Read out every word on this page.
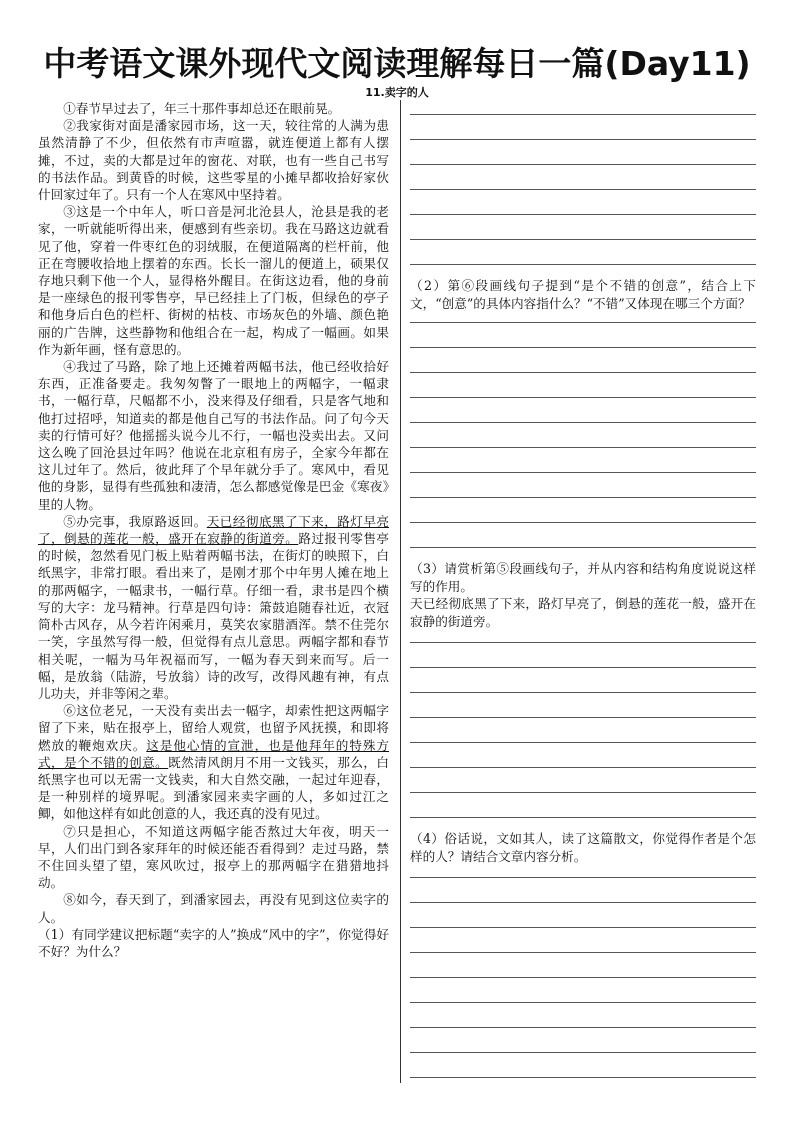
中考语文课外现代文阅读理解每日一篇(Day11)
11.卖字的人

①春节早过去了，年三十那件事却总还在眼前晃。

②我家街对面是潘家园市场，这一天，较往常的人满为患虽然清静了不少，但依然有市声喧嚣，就连便道上都有人摆摊，不过，卖的大都是过年的窗花、对联，也有一些自己书写的书法作品。到黄昏的时候，这些零星的小摊早都收拾好家伙什回家过年了。只有一个人在寒风中坚持着。

③这是一个中年人，听口音是河北沧县人，沧县是我的老家，一听就能听得出来，便感到有些亲切。我在马路这边就看见了他，穿着一件枣红色的羽绒服，在便道隔离的栏杆前，他正在弯腰收拾地上摆着的东西。长长一溜儿的便道上，硕果仅存地只剩下他一个人，显得格外醒目。在街这边看，他的身前是一座绿色的报刊零售亭，早已经挂上了门板，但绿色的亭子和他身后白色的栏杆、街树的枯枝、市场灰色的外墙、颜色艳丽的广告牌，这些静物和他组合在一起，构成了一幅画。如果作为新年画，怪有意思的。

④我过了马路，除了地上还摊着两幅书法，他已经收拾好东西，正准备要走。我匆匆瞥了一眼地上的两幅字，一幅隶书，一幅行草，尺幅都不小，没来得及仔细看，只是客气地和他打过招呼，知道卖的都是他自己写的书法作品。问了句今天卖的行情可好？他摇摇头说今儿不行，一幅也没卖出去。又问这么晚了回沧县过年吗？他说在北京租有房子，全家今年都在这儿过年了。然后，彼此拜了个早年就分手了。寒风中，看见他的身影，显得有些孤独和凄清，怎么都感觉像是巴金《寒夜》里的人物。

⑤办完事，我原路返回。天已经彻底黑了下来，路灯早亮了，倒悬的莲花一般，盛开在寂静的街道旁。路过报刊零售亭的时候，忽然看见门板上贴着两幅书法，在街灯的映照下，白纸黑字，非常打眼。看出来了，是刚才那个中年男人摊在地上的那两幅字，一幅隶书，一幅行草。仔细一看，隶书是四个横写的大字：龙马精神。行草是四句诗：箫鼓追随春社近，衣冠简朴古风存，从今若许闲乘月，莫笑农家腊酒浑。禁不住莞尔一笑，字虽然写得一般，但觉得有点儿意思。两幅字都和春节相关呢，一幅为马年祝福而写，一幅为春天到来而写。后一幅，是放翁（陆游，号放翁）诗的改写，改得风趣有神，有点儿功夫，并非等闲之辈。

⑥这位老兄，一天没有卖出去一幅字，却索性把这两幅字留了下来，贴在报亭上，留给人观赏，也留予风抚摸，和即将燃放的鞭炮欢庆。这是他心情的宣泄，也是他拜年的特殊方式，是个不错的创意。既然清风朗月不用一文钱买，那么，白纸黑字也可以无需一文钱卖，和大自然交融，一起过年迎春，是一种别样的境界呢。到潘家园来卖字画的人，多如过江之鲫，如他这样有如此创意的人，我还真的没有见过。

⑦只是担心，不知道这两幅字能否熬过大年夜，明天一早，人们出门到各家拜年的时候还能否看得到？走过马路，禁不住回头望了望，寒风吹过，报亭上的那两幅字在猎猎地抖动。

⑧如今，春天到了，到潘家园去，再没有见到这位卖字的人。

（1）有同学建议把标题“卖字的人”换成“风中的字”，你觉得好不好？为什么？

（2）第⑥段画线句子提到“是个不错的创意”，结合上下文，“创意”的具体内容指什么？“不错”又体现在哪三个方面？
（3）请赏析第⑤段画线句子，并从内容和结构角度说说这样写的作用。
天已经彻底黑了下来，路灯早亮了，倒悬的莲花一般，盛开在寂静的街道旁。
（4）俗话说，文如其人，读了这篇散文，你觉得作者是个怎样的人？请结合文章内容分析。
